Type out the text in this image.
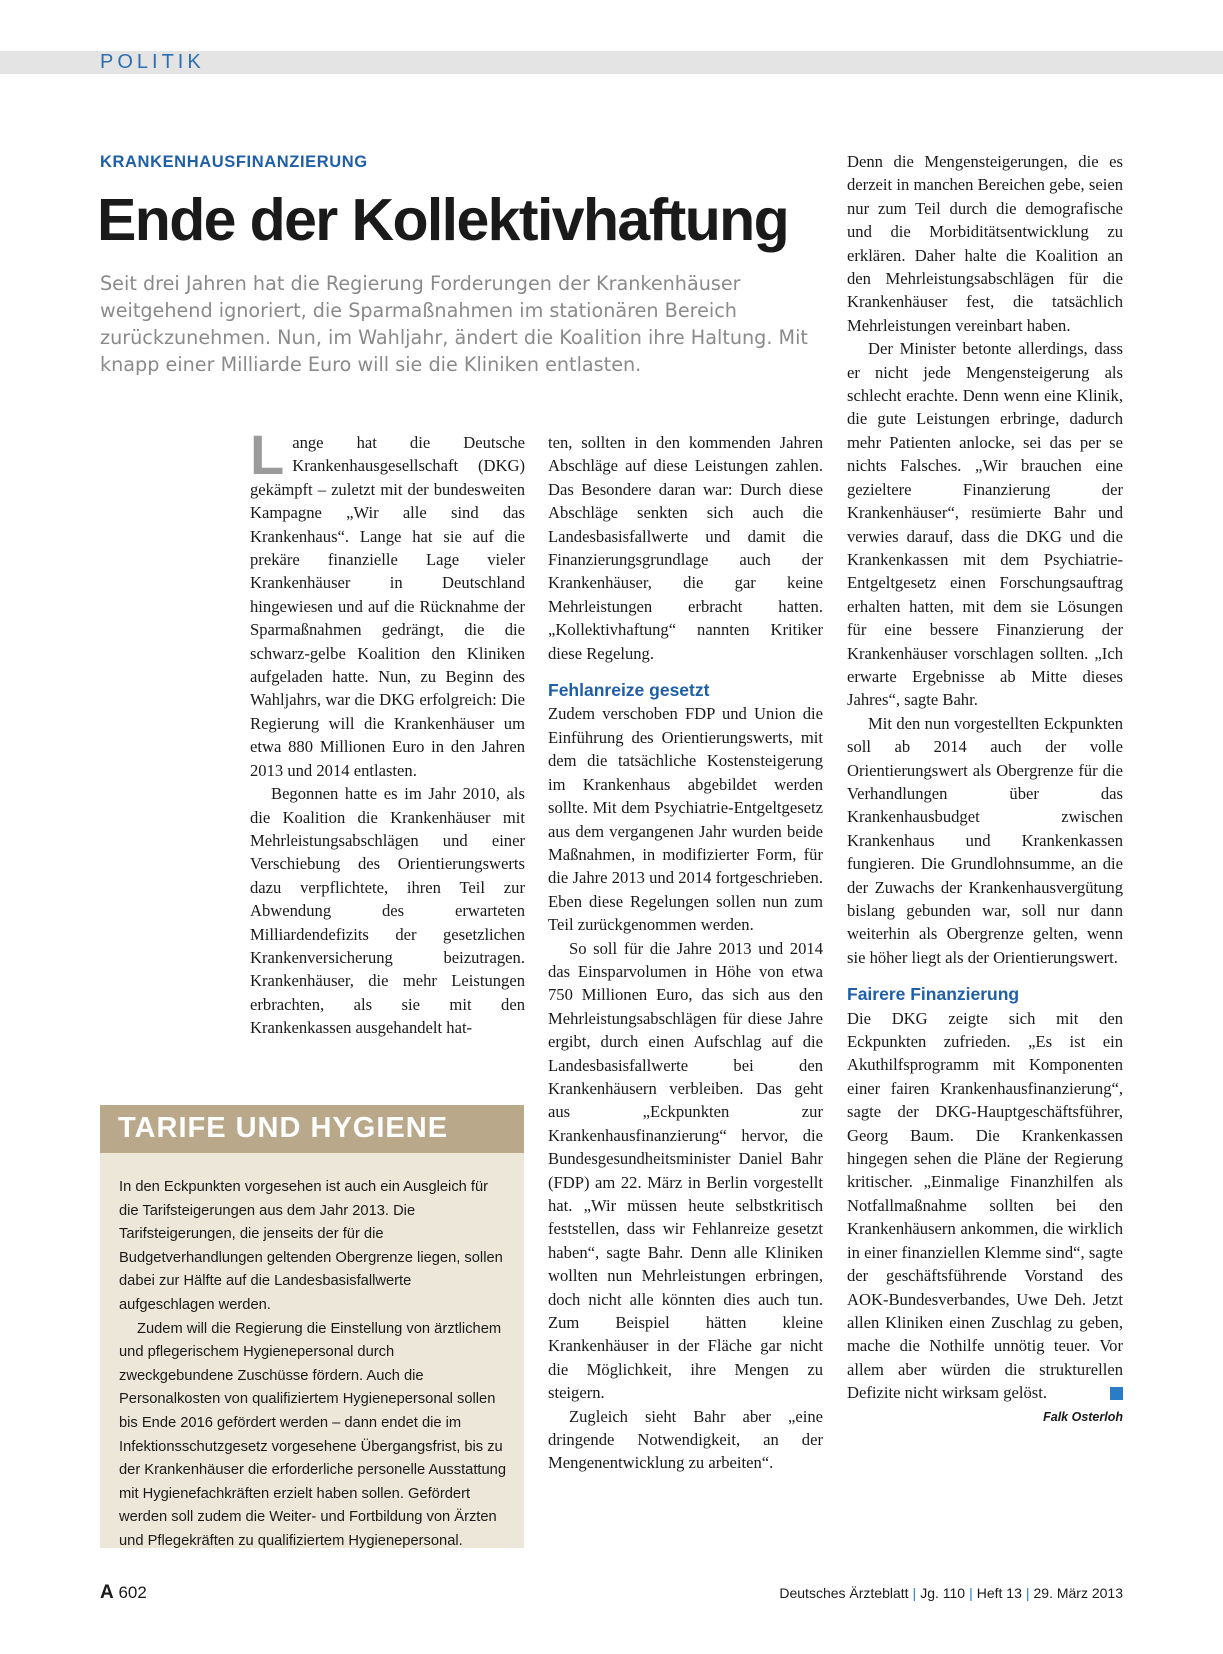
POLITIK
KRANKENHAUSFINANZIERUNG
Ende der Kollektivhaftung
Seit drei Jahren hat die Regierung Forderungen der Krankenhäuser weitgehend ignoriert, die Sparmaßnahmen im stationären Bereich zurückzunehmen. Nun, im Wahljahr, ändert die Koalition ihre Haltung. Mit knapp einer Milliarde Euro will sie die Kliniken entlasten.

Lange hat die Deutsche Krankenhausgesellschaft (DKG) gekämpft – zuletzt mit der bundesweiten Kampagne „Wir alle sind das Krankenhaus“. Lange hat sie auf die prekäre finanzielle Lage vieler Krankenhäuser in Deutschland hingewiesen und auf die Rücknahme der Sparmaßnahmen gedrängt, die die schwarz-gelbe Koalition den Kliniken aufgeladen hatte. Nun, zu Beginn des Wahljahrs, war die DKG erfolgreich: Die Regierung will die Krankenhäuser um etwa 880 Millionen Euro in den Jahren 2013 und 2014 entlasten.

Begonnen hatte es im Jahr 2010, als die Koalition die Krankenhäuser mit Mehrleistungsabschlägen und einer Verschiebung des Orientierungswerts dazu verpflichtete, ihren Teil zur Abwendung des erwarteten Milliardendefizits der gesetzlichen Krankenversicherung beizutragen. Krankenhäuser, die mehr Leistungen erbrachten, als sie mit den Krankenkassen ausgehandelt hat-

ten, sollten in den kommenden Jahren Abschläge auf diese Leistungen zahlen. Das Besondere daran war: Durch diese Abschläge senkten sich auch die Landesbasisfallwerte und damit die Finanzierungsgrundlage auch der Krankenhäuser, die gar keine Mehrleistungen erbracht hatten. „Kollektivhaftung“ nannten Kritiker diese Regelung.

Fehlanreize gesetzt

Zudem verschoben FDP und Union die Einführung des Orientierungswerts, mit dem die tatsächliche Kostensteigerung im Krankenhaus abgebildet werden sollte. Mit dem Psychiatrie-Entgeltgesetz aus dem vergangenen Jahr wurden beide Maßnahmen, in modifizierter Form, für die Jahre 2013 und 2014 fortgeschrieben. Eben diese Regelungen sollen nun zum Teil zurückgenommen werden.

So soll für die Jahre 2013 und 2014 das Einsparvolumen in Höhe von etwa 750 Millionen Euro, das sich aus den Mehrleistungsabschlägen für diese Jahre ergibt, durch einen Aufschlag auf die Landesbasisfallwerte bei den Krankenhäusern verbleiben. Das geht aus „Eckpunkten zur Krankenhausfinanzierung“ hervor, die Bundesgesundheitsminister Daniel Bahr (FDP) am 22. März in Berlin vorgestellt hat. „Wir müssen heute selbstkritisch feststellen, dass wir Fehlanreize gesetzt haben“, sagte Bahr. Denn alle Kliniken wollten nun Mehrleistungen erbringen, doch nicht alle könnten dies auch tun. Zum Beispiel hätten kleine Krankenhäuser in der Fläche gar nicht die Möglichkeit, ihre Mengen zu steigern.

Zugleich sieht Bahr aber „eine dringende Notwendigkeit, an der Mengenentwicklung zu arbeiten“.

Denn die Mengensteigerungen, die es derzeit in manchen Bereichen gebe, seien nur zum Teil durch die demografische und die Morbiditätsentwicklung zu erklären. Daher halte die Koalition an den Mehrleistungsabschlägen für die Krankenhäuser fest, die tatsächlich Mehrleistungen vereinbart haben.

Der Minister betonte allerdings, dass er nicht jede Mengensteigerung als schlecht erachte. Denn wenn eine Klinik, die gute Leistungen erbringe, dadurch mehr Patienten anlocke, sei das per se nichts Falsches. „Wir brauchen eine gezieltere Finanzierung der Krankenhäuser“, resümierte Bahr und verwies darauf, dass die DKG und die Krankenkassen mit dem Psychiatrie-Entgeltgesetz einen Forschungsauftrag erhalten hatten, mit dem sie Lösungen für eine bessere Finanzierung der Krankenhäuser vorschlagen sollten. „Ich erwarte Ergebnisse ab Mitte dieses Jahres“, sagte Bahr.

Mit den nun vorgestellten Eckpunkten soll ab 2014 auch der volle Orientierungswert als Obergrenze für die Verhandlungen über das Krankenhausbudget zwischen Krankenhaus und Krankenkassen fungieren. Die Grundlohnsumme, an die der Zuwachs der Krankenhausvergütung bislang gebunden war, soll nur dann weiterhin als Obergrenze gelten, wenn sie höher liegt als der Orientierungswert.

Fairere Finanzierung

Die DKG zeigte sich mit den Eckpunkten zufrieden. „Es ist ein Akuthilfsprogramm mit Komponenten einer fairen Krankenhausfinanzierung“, sagte der DKG-Hauptgeschäftsführer, Georg Baum. Die Krankenkassen hingegen sehen die Pläne der Regierung kritischer. „Einmalige Finanzhilfen als Notfallmaßnahme sollten bei den Krankenhäusern ankommen, die wirklich in einer finanziellen Klemme sind“, sagte der geschäftsführende Vorstand des AOK-Bundesverbandes, Uwe Deh. Jetzt allen Kliniken einen Zuschlag zu geben, mache die Nothilfe unnötig teuer. Vor allem aber würden die strukturellen Defizite nicht wirksam gelöst.

Falk Osterloh
TARIFE UND HYGIENE

In den Eckpunkten vorgesehen ist auch ein Ausgleich für die Tarifsteigerungen aus dem Jahr 2013. Die Tarifsteigerungen, die jenseits der für die Budgetverhandlungen geltenden Obergrenze liegen, sollen dabei zur Hälfte auf die Landesbasisfallwerte aufgeschlagen werden.

Zudem will die Regierung die Einstellung von ärztlichem und pflegerischem Hygienepersonal durch zweckgebundene Zuschüsse fördern. Auch die Personalkosten von qualifiziertem Hygienepersonal sollen bis Ende 2016 gefördert werden – dann endet die im Infektionsschutzgesetz vorgesehene Übergangsfrist, bis zu der Krankenhäuser die erforderliche personelle Ausstattung mit Hygienefachkräften erzielt haben sollen. Gefördert werden soll zudem die Weiter- und Fortbildung von Ärzten und Pflegekräften zu qualifiziertem Hygienepersonal.

A 602	Deutsches Ärzteblatt | Jg. 110 | Heft 13 | 29. März 2013
